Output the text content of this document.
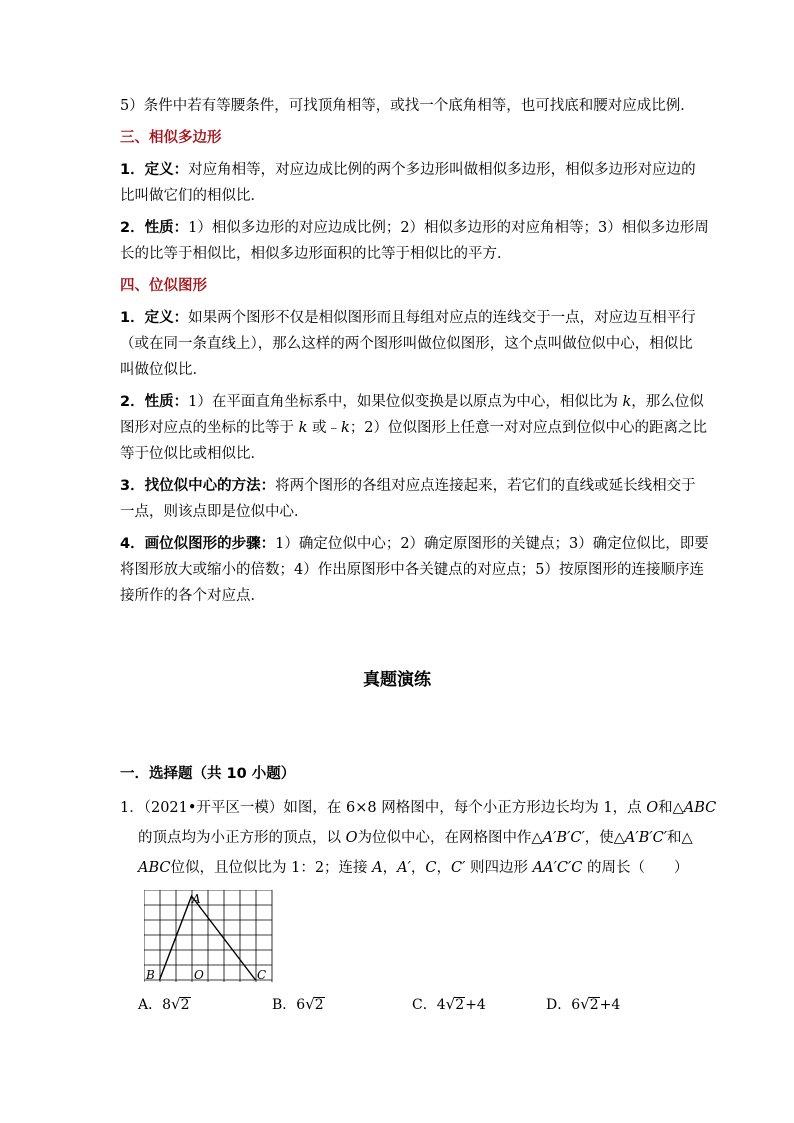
5）条件中若有等腰条件，可找顶角相等，或找一个底角相等，也可找底和腰对应成比例．
三、相似多边形
1．定义：对应角相等，对应边成比例的两个多边形叫做相似多边形，相似多边形对应边的
比叫做它们的相似比．
2．性质：1）相似多边形的对应边成比例；2）相似多边形的对应角相等；3）相似多边形周
长的比等于相似比，相似多边形面积的比等于相似比的平方．
四、位似图形
1．定义：如果两个图形不仅是相似图形而且每组对应点的连线交于一点，对应边互相平行
（或在同一条直线上），那么这样的两个图形叫做位似图形，这个点叫做位似中心，相似比
叫做位似比．
2．性质：1）在平面直角坐标系中，如果位似变换是以原点为中心，相似比为 k，那么位似
图形对应点的坐标的比等于 k 或﹣k；2）位似图形上任意一对对应点到位似中心的距离之比
等于位似比或相似比．
3．找位似中心的方法：将两个图形的各组对应点连接起来，若它们的直线或延长线相交于
一点，则该点即是位似中心．
4．画位似图形的步骤：1）确定位似中心；2）确定原图形的关键点；3）确定位似比，即要
将图形放大或缩小的倍数；4）作出原图形中各关键点的对应点；5）按原图形的连接顺序连
接所作的各个对应点．
真题演练
一．选择题（共 10 小题）
1．（2021•开平区一模）如图，在 6×8 网格图中，每个小正方形边长均为 1，点 O和△ABC
的顶点均为小正方形的顶点，以 O为位似中心，在网格图中作△A′B′C′，使△A′B′C′和△
ABC位似，且位似比为 1：2；连接 A，A′，C，C′ 则四边形 AA′C′C 的周长（　　）
A
B	O	C
A．8√2	B．6√2	C．4√2+4	D．6√2+4
